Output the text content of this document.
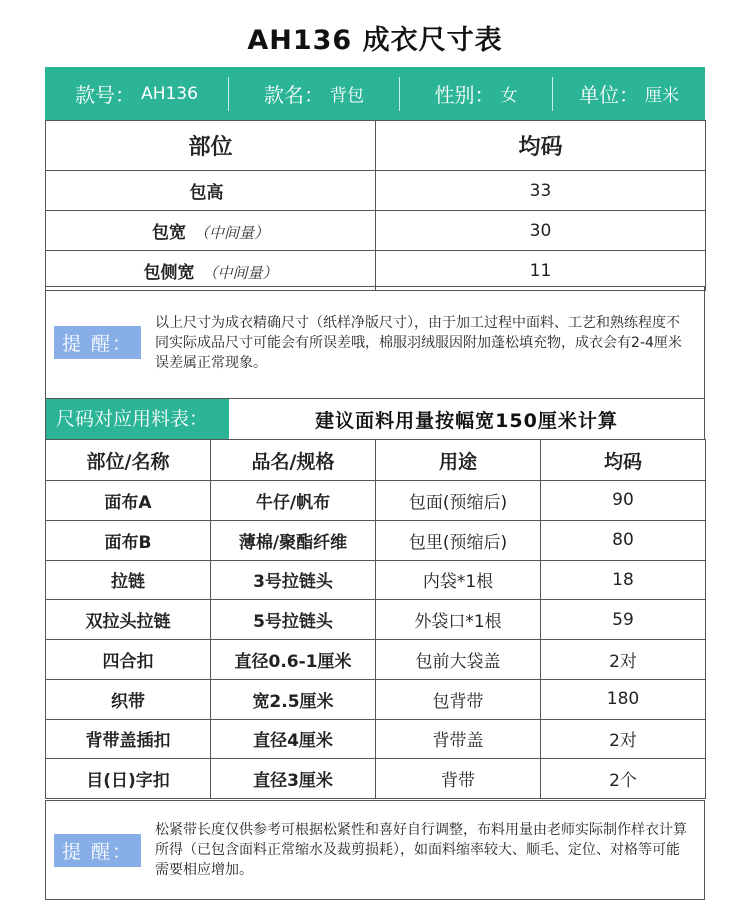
AH136 成衣尺寸表
款号： AH136	款名： 背包	性别： 女	单位： 厘米
部位	均码
包高	33
包宽 （中间量）	30
包侧宽 （中间量）	11
提 醒：

以上尺寸为成衣精确尺寸（纸样净版尺寸），由于加工过程中面料、工艺和熟练程度不同实际成品尺寸可能会有所误差哦，棉服羽绒服因附加蓬松填充物，成衣会有2-4厘米误差属正常现象。

尺码对应用料表：	建议面料用量按幅宽150厘米计算
部位/名称	品名/规格	用途	均码
面布A	牛仔/帆布	包面(预缩后)	90
面布B	薄棉/聚酯纤维	包里(预缩后)	80
拉链	3号拉链头	内袋*1根	18
双拉头拉链	5号拉链头	外袋口*1根	59
四合扣	直径0.6-1厘米	包前大袋盖	2对
织带	宽2.5厘米	包背带	180
背带盖插扣	直径4厘米	背带盖	2对
目(日)字扣	直径3厘米	背带	2个
提 醒：

松紧带长度仅供参考可根据松紧性和喜好自行调整，布料用量由老师实际制作样衣计算所得（已包含面料正常缩水及裁剪损耗），如面料缩率较大、顺毛、定位、对格等可能需要相应增加。
